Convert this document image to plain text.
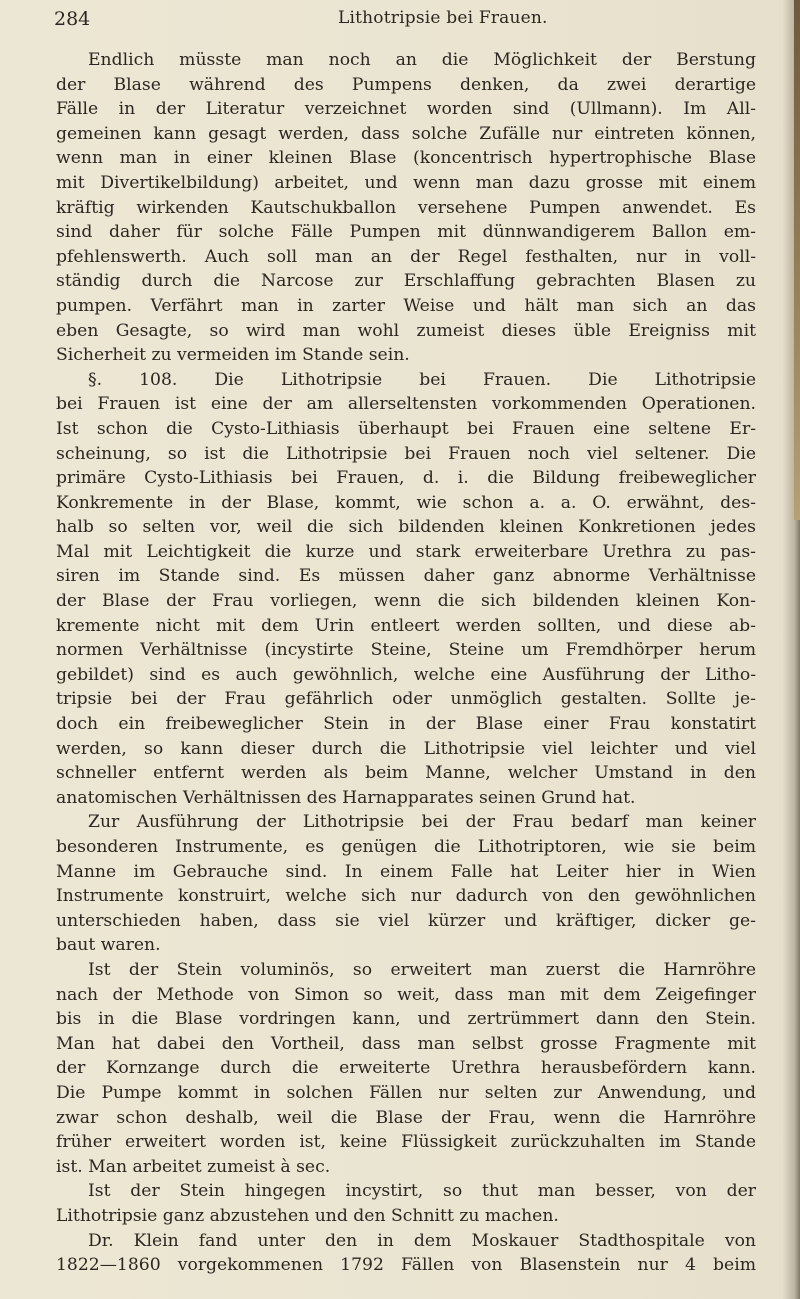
284	Lithotripsie bei Frauen.
Endlich müsste man noch an die Möglichkeit der Berstung
der Blase während des Pumpens denken, da zwei derartige
Fälle in der Literatur verzeichnet worden sind (Ullmann). Im All-
gemeinen kann gesagt werden, dass solche Zufälle nur eintreten können,
wenn man in einer kleinen Blase (koncentrisch hypertrophische Blase
mit Divertikelbildung) arbeitet, und wenn man dazu grosse mit einem
kräftig wirkenden Kautschukballon versehene Pumpen anwendet. Es
sind daher für solche Fälle Pumpen mit dünnwandigerem Ballon em-
pfehlenswerth. Auch soll man an der Regel festhalten, nur in voll-
ständig durch die Narcose zur Erschlaffung gebrachten Blasen zu
pumpen. Verfährt man in zarter Weise und hält man sich an das
eben Gesagte, so wird man wohl zumeist dieses üble Ereigniss mit
Sicherheit zu vermeiden im Stande sein.
§. 108. Die Lithotripsie bei Frauen. Die Lithotripsie
bei Frauen ist eine der am allerseltensten vorkommenden Operationen.
Ist schon die Cysto-Lithiasis überhaupt bei Frauen eine seltene Er-
scheinung, so ist die Lithotripsie bei Frauen noch viel seltener. Die
primäre Cysto-Lithiasis bei Frauen, d. i. die Bildung freibeweglicher
Konkremente in der Blase, kommt, wie schon a. a. O. erwähnt, des-
halb so selten vor, weil die sich bildenden kleinen Konkretionen jedes
Mal mit Leichtigkeit die kurze und stark erweiterbare Urethra zu pas-
siren im Stande sind. Es müssen daher ganz abnorme Verhältnisse
der Blase der Frau vorliegen, wenn die sich bildenden kleinen Kon-
kremente nicht mit dem Urin entleert werden sollten, und diese ab-
normen Verhältnisse (incystirte Steine, Steine um Fremdhörper herum
gebildet) sind es auch gewöhnlich, welche eine Ausführung der Litho-
tripsie bei der Frau gefährlich oder unmöglich gestalten. Sollte je-
doch ein freibeweglicher Stein in der Blase einer Frau konstatirt
werden, so kann dieser durch die Lithotripsie viel leichter und viel
schneller entfernt werden als beim Manne, welcher Umstand in den
anatomischen Verhältnissen des Harnapparates seinen Grund hat.
Zur Ausführung der Lithotripsie bei der Frau bedarf man keiner
besonderen Instrumente, es genügen die Lithotriptoren, wie sie beim
Manne im Gebrauche sind. In einem Falle hat Leiter hier in Wien
Instrumente konstruirt, welche sich nur dadurch von den gewöhnlichen
unterschieden haben, dass sie viel kürzer und kräftiger, dicker ge-
baut waren.
Ist der Stein voluminös, so erweitert man zuerst die Harnröhre
nach der Methode von Simon so weit, dass man mit dem Zeigefinger
bis in die Blase vordringen kann, und zertrümmert dann den Stein.
Man hat dabei den Vortheil, dass man selbst grosse Fragmente mit
der Kornzange durch die erweiterte Urethra herausbefördern kann.
Die Pumpe kommt in solchen Fällen nur selten zur Anwendung, und
zwar schon deshalb, weil die Blase der Frau, wenn die Harnröhre
früher erweitert worden ist, keine Flüssigkeit zurückzuhalten im Stande
ist. Man arbeitet zumeist à sec.
Ist der Stein hingegen incystirt, so thut man besser, von der
Lithotripsie ganz abzustehen und den Schnitt zu machen.
Dr. Klein fand unter den in dem Moskauer Stadthospitale von
1822—1860 vorgekommenen 1792 Fällen von Blasenstein nur 4 beim
